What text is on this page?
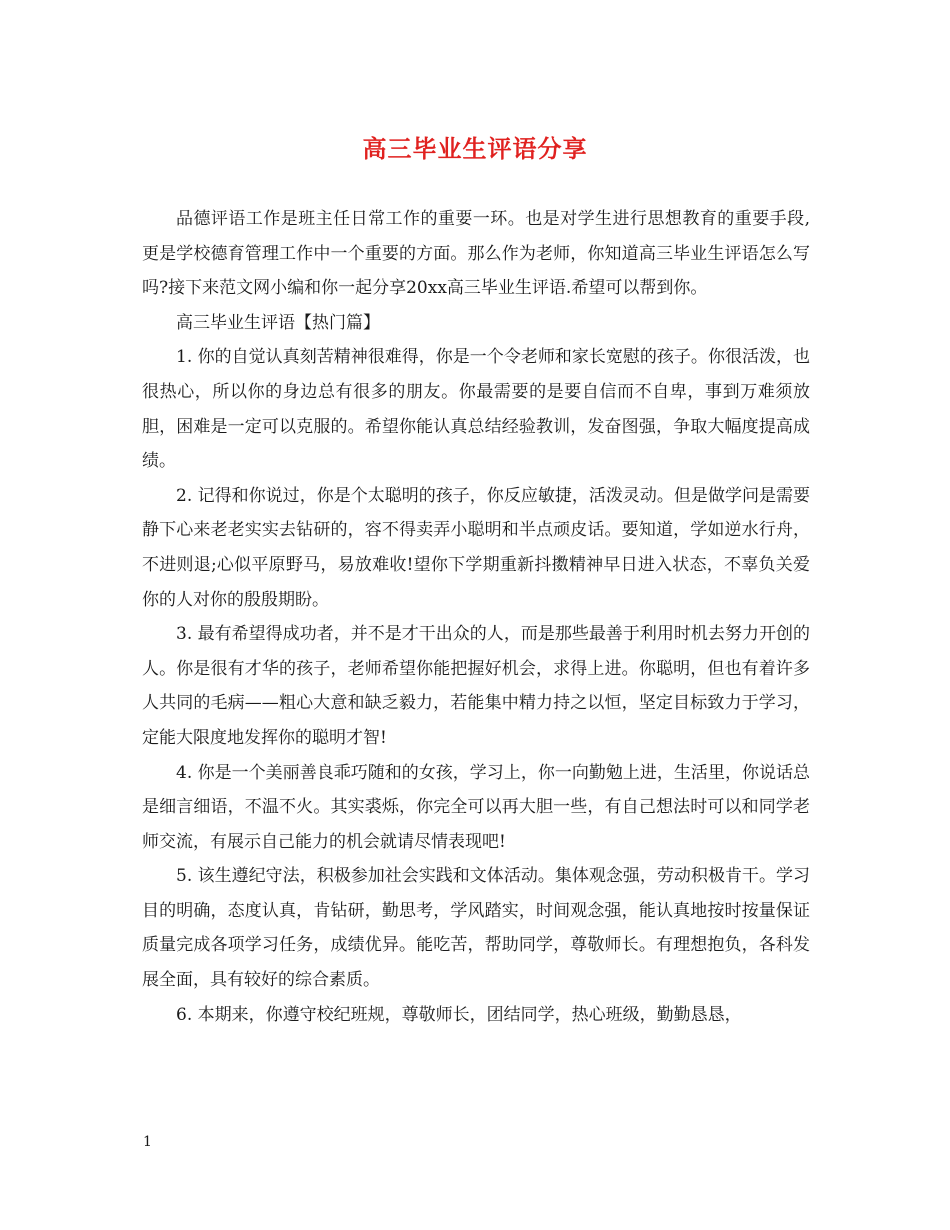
高三毕业生评语分享

品德评语工作是班主任日常工作的重要一环。也是对学生进行思想教育的重要手段,更是学校德育管理工作中一个重要的方面。那么作为老师，你知道高三毕业生评语怎么写吗?接下来范文网小编和你一起分享20xx高三毕业生评语.希望可以帮到你。

高三毕业生评语【热门篇】

1. 你的自觉认真刻苦精神很难得，你是一个令老师和家长宽慰的孩子。你很活泼，也很热心，所以你的身边总有很多的朋友。你最需要的是要自信而不自卑，事到万难须放胆，困难是一定可以克服的。希望你能认真总结经验教训，发奋图强，争取大幅度提高成绩。

2. 记得和你说过，你是个太聪明的孩子，你反应敏捷，活泼灵动。但是做学问是需要静下心来老老实实去钻研的，容不得卖弄小聪明和半点顽皮话。要知道，学如逆水行舟，不进则退;心似平原野马，易放难收!望你下学期重新抖擞精神早日进入状态，不辜负关爱你的人对你的殷殷期盼。

3. 最有希望得成功者，并不是才干出众的人，而是那些最善于利用时机去努力开创的人。你是很有才华的孩子，老师希望你能把握好机会，求得上进。你聪明，但也有着许多人共同的毛病——粗心大意和缺乏毅力，若能集中精力持之以恒，坚定目标致力于学习，定能大限度地发挥你的聪明才智!

4. 你是一个美丽善良乖巧随和的女孩，学习上，你一向勤勉上进，生活里，你说话总是细言细语，不温不火。其实裘烁，你完全可以再大胆一些，有自己想法时可以和同学老师交流，有展示自己能力的机会就请尽情表现吧!

5. 该生遵纪守法，积极参加社会实践和文体活动。集体观念强，劳动积极肯干。学习目的明确，态度认真，肯钻研，勤思考，学风踏实，时间观念强，能认真地按时按量保证质量完成各项学习任务，成绩优异。能吃苦，帮助同学，尊敬师长。有理想抱负，各科发展全面，具有较好的综合素质。

6. 本期来，你遵守校纪班规，尊敬师长，团结同学，热心班级，勤勤恳恳，

1
